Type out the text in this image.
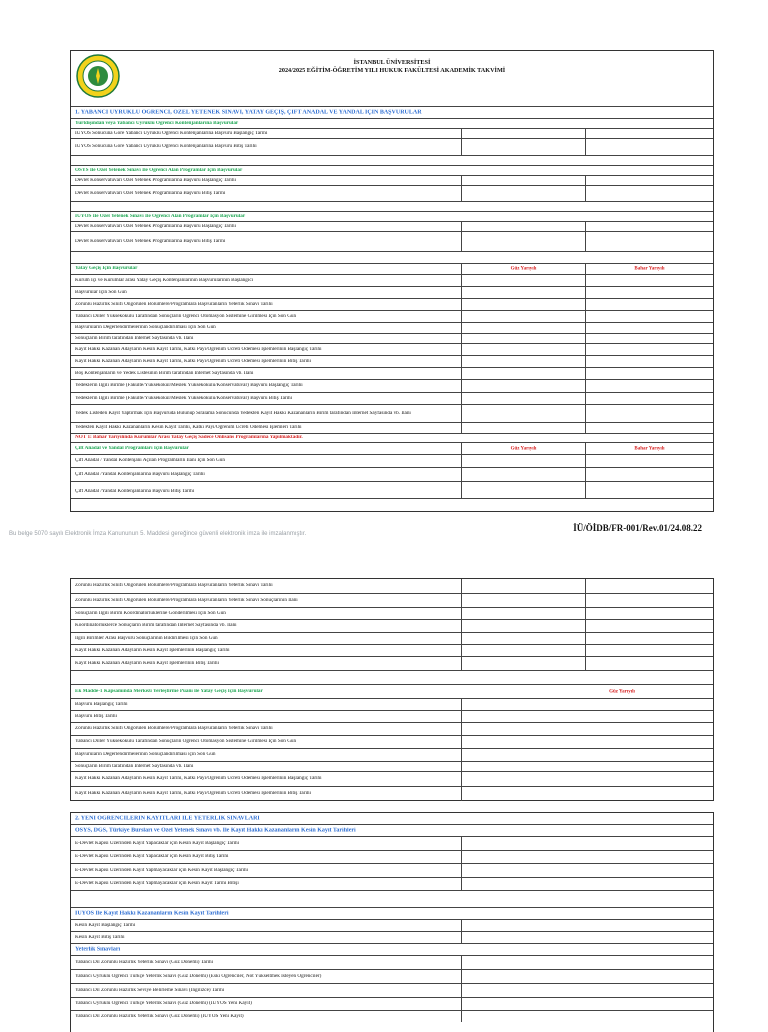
İSTANBUL ÜNİVERSİTESİ
2024/2025 EĞİTİM-ÖĞRETİM YILI HUKUK FAKÜLTESİ AKADEMİK TAKVİMİ
1. YABANCI UYRUKLU ÖĞRENCİ, ÖZEL YETENEK SINAVI, YATAY GEÇİŞ, ÇİFT ANADAL VE YANDAL İÇİN BAŞVURULAR
Yurtdışından veya Yabancı Uyruklu Öğrenci Kontenjanlarına Başvurular
İÜYÖS Sonucuna Göre Yabancı Uyruklu Öğrenci Kontenjanlarına Başvuru Başlangıç Tarihi
İÜYÖS Sonucuna Göre Yabancı Uyruklu Öğrenci Kontenjanlarına Başvuru Bitiş Tarihi
ÖSYS İle Özel Yetenek Sınavı İle Öğrenci Alan Programlar İçin Başvurular
Devlet Konservatuvarı Özel Yetenek Programlarına Başvuru Başlangıç Tarihi
Devlet Konservatuvarı Özel Yetenek Programlarına Başvuru Bitiş Tarihi
İÜYÖS İle Özel Yetenek Sınavı İle Öğrenci Alan Programlar İçin Başvurular
Devlet Konservatuvarı Özel Yetenek Programlarına Başvuru Başlangıç Tarihi
Devlet Konservatuvarı Özel Yetenek Programlarına Başvuru Bitiş Tarihi
Yatay Geçiş İçin Başvurular	Güz Yarıyılı	Bahar Yarıyılı
Kurum İçi ve Kurumlar arası Yatay Geçiş Kontenjanlarının Başvurularının Başlangıcı
Başvurular İçin Son Gün
Zorunlu Hazırlık Sınıfı Öngörülen Bölümlere/Programlara Başvuranların Yeterlik Sınavı Tarihi
Yabancı Diller Yüksekokulu Tarafından Sonuçların Öğrenci Otomasyon Sistemine Girilmesi İçin Son Gün
Başvuruların Değerlendirmelerinin Sonuçlandırılması İçin Son Gün
Sonuçların Birim tarafından İnternet Sayfasında vb. İlanı
Kayıt Hakkı Kazanan Adayların Kesin Kayıt Tarihi, Katkı Payı/Öğrenim Ücreti Ödemesi İşlemlerinin Başlangıç Tarihi
Kayıt Hakkı Kazanan Adayların Kesin Kayıt Tarihi, Katkı Payı/Öğrenim Ücreti Ödemesi İşlemlerinin Bitiş Tarihi
Boş Kontenjanların ve Yedek Listesinin Birim tarafından İnternet Sayfasında vb. İlanı
Yedeklerin İlgili Birime (Fakülte/Yüksekokul/Meslek Yüksekokulu/Konservatuvar) Başvuru Başlangıç Tarihi
Yedeklerin İlgili Birime (Fakülte/Yüksekokul/Meslek Yüksekokulu/Konservatuvar) Başvuru Bitiş Tarihi
Yedek Listeden Kayıt Yaptırmak İçin Başvuruda Bulunup Sıralama Sonucunda Yedekten Kayıt Hakkı Kazananların Birim tarafından İnternet Sayfasında vb. İlanı
Yedekten Kayıt Hakkı Kazananların Kesin Kayıt Tarihi, Katkı Payı/Öğrenim Ücreti Ödemesi İşlemleri Tarihi
NOT 1: Bahar Yarıyılında Kurumlar Arası Yatay Geçiş Sadece Onlisans Programlarına Yapılmaktadır.
Çift Anadal ve Yandal Programları İçin Başvurular	Güz Yarıyılı	Bahar Yarıyılı
Çift Anadal / Yandal Kontenjanı Açılan Programların İlanı İçin Son Gün
Çift Anadal /Yandal Kontenjanlarına Başvuru Başlangıç Tarihi
Çift Anadal /Yandal Kontenjanlarına Başvuru Bitiş Tarihi
Bu belge 5070 sayılı Elektronik İmza Kanununun 5. Maddesi gereğince güvenli elektronik imza ile imzalanmıştır.
İÜ/ÖİDB/FR-001/Rev.01/24.08.22
Zorunlu Hazırlık Sınıfı Öngörülen Bölümlere/Programlara Başvuranların Yeterlik Sınavı Tarihi
Zorunlu Hazırlık Sınıfı Öngörülen Bölümlere/Programlara Başvuranların Yeterlik Sınavı Sonuçlarının İlanı
Sonuçların İlgili Birim Koordinatörlüklerine Gönderilmesi İçin Son Gün
Koordinatörlüklerce Sonuçların Birim tarafından İnternet Sayfasında vb. İlanı
İlgili Birimler Arası Başvuru Sonuçlarının Bildirilmesi İçin Son Gün
Kayıt Hakkı Kazanan Adayların Kesin Kayıt İşlemlerinin Başlangıç Tarihi
Kayıt Hakkı Kazanan Adayların Kesin Kayıt İşlemlerinin Bitiş Tarihi
Ek Madde-1 Kapsamında Merkezi Yerleştirme Puanı ile Yatay Geçiş İçin Başvurular	Güz Yarıyılı
Başvuru Başlangıç Tarihi
Başvuru Bitiş Tarihi
Zorunlu Hazırlık Sınıfı Öngörülen Bölümlere/Programlara Başvuranların Yeterlik Sınavı Tarihi
Yabancı Diller Yüksekokulu Tarafından Sonuçların Öğrenci Otomasyon Sistemine Girilmesi İçin Son Gün
Başvuruların Değerlendirmelerinin Sonuçlandırılması için Son Gün
Sonuçların Birim tarafından İnternet Sayfasında vb. İlanı
Kayıt Hakkı Kazanan Adayların Kesin Kayıt Tarihi, Katkı Payı/Öğrenim Ücreti Ödemesi İşlemlerinin Başlangıç Tarihi
Kayıt Hakkı Kazanan Adayların Kesin Kayıt Tarihi, Katkı Payı/Öğrenim Ücreti Ödemesi İşlemlerinin Bitiş Tarihi
2. YENİ ÖĞRENCİLERİN KAYITLARI İLE YETERLİK SINAVLARI
ÖSYS, DGS, Türkiye Bursları ve Özel Yetenek Sınavı vb. İle Kayıt Hakkı Kazananların Kesin Kayıt Tarihleri
E-Devlet Kapısı Üzerinden Kayıt Yapacaklar için Kesin Kayıt Başlangıç Tarihi
E-Devlet Kapısı Üzerinden Kayıt Yapacaklar için Kesin Kayıt Bitiş Tarihi
E-Devlet Kapısı Üzerinden Kayıt Yapmayacaklar için Kesin Kayıt Başlangıç Tarihi
E-Devlet Kapısı Üzerinden Kayıt Yapmayacaklar için Kesin Kayıt Tarihi Bitişi
İÜYÖS İle Kayıt Hakkı Kazananların Kesin Kayıt Tarihleri
Kesin Kayıt Başlangıç Tarihi
Kesin Kayıt Bitiş Tarihi
Yeterlik Sınavları
Yabancı Dil Zorunlu Hazırlık Yeterlik Sınavı (Güz Dönemi) Tarihi
Yabancı Uyruklu Öğrenci Türkçe Yeterlik Sınavı (Güz Dönemi) (Eski Öğrenciler, Not Yükseltmek İsteyen Öğrenciler)
Yabancı Dil Zorunlu Hazırlık Seviye Belirleme Sınavı (İngilizce) Tarihi
Yabancı Uyruklu Öğrenci Türkçe Yeterlik Sınavı (Güz Dönemi) (İÜYÖS Yeni Kayıt)
Yabancı Dil Zorunlu Hazırlık Yeterlik Sınavı (Güz Dönemi) (İÜYÖS Yeni Kayıt)
